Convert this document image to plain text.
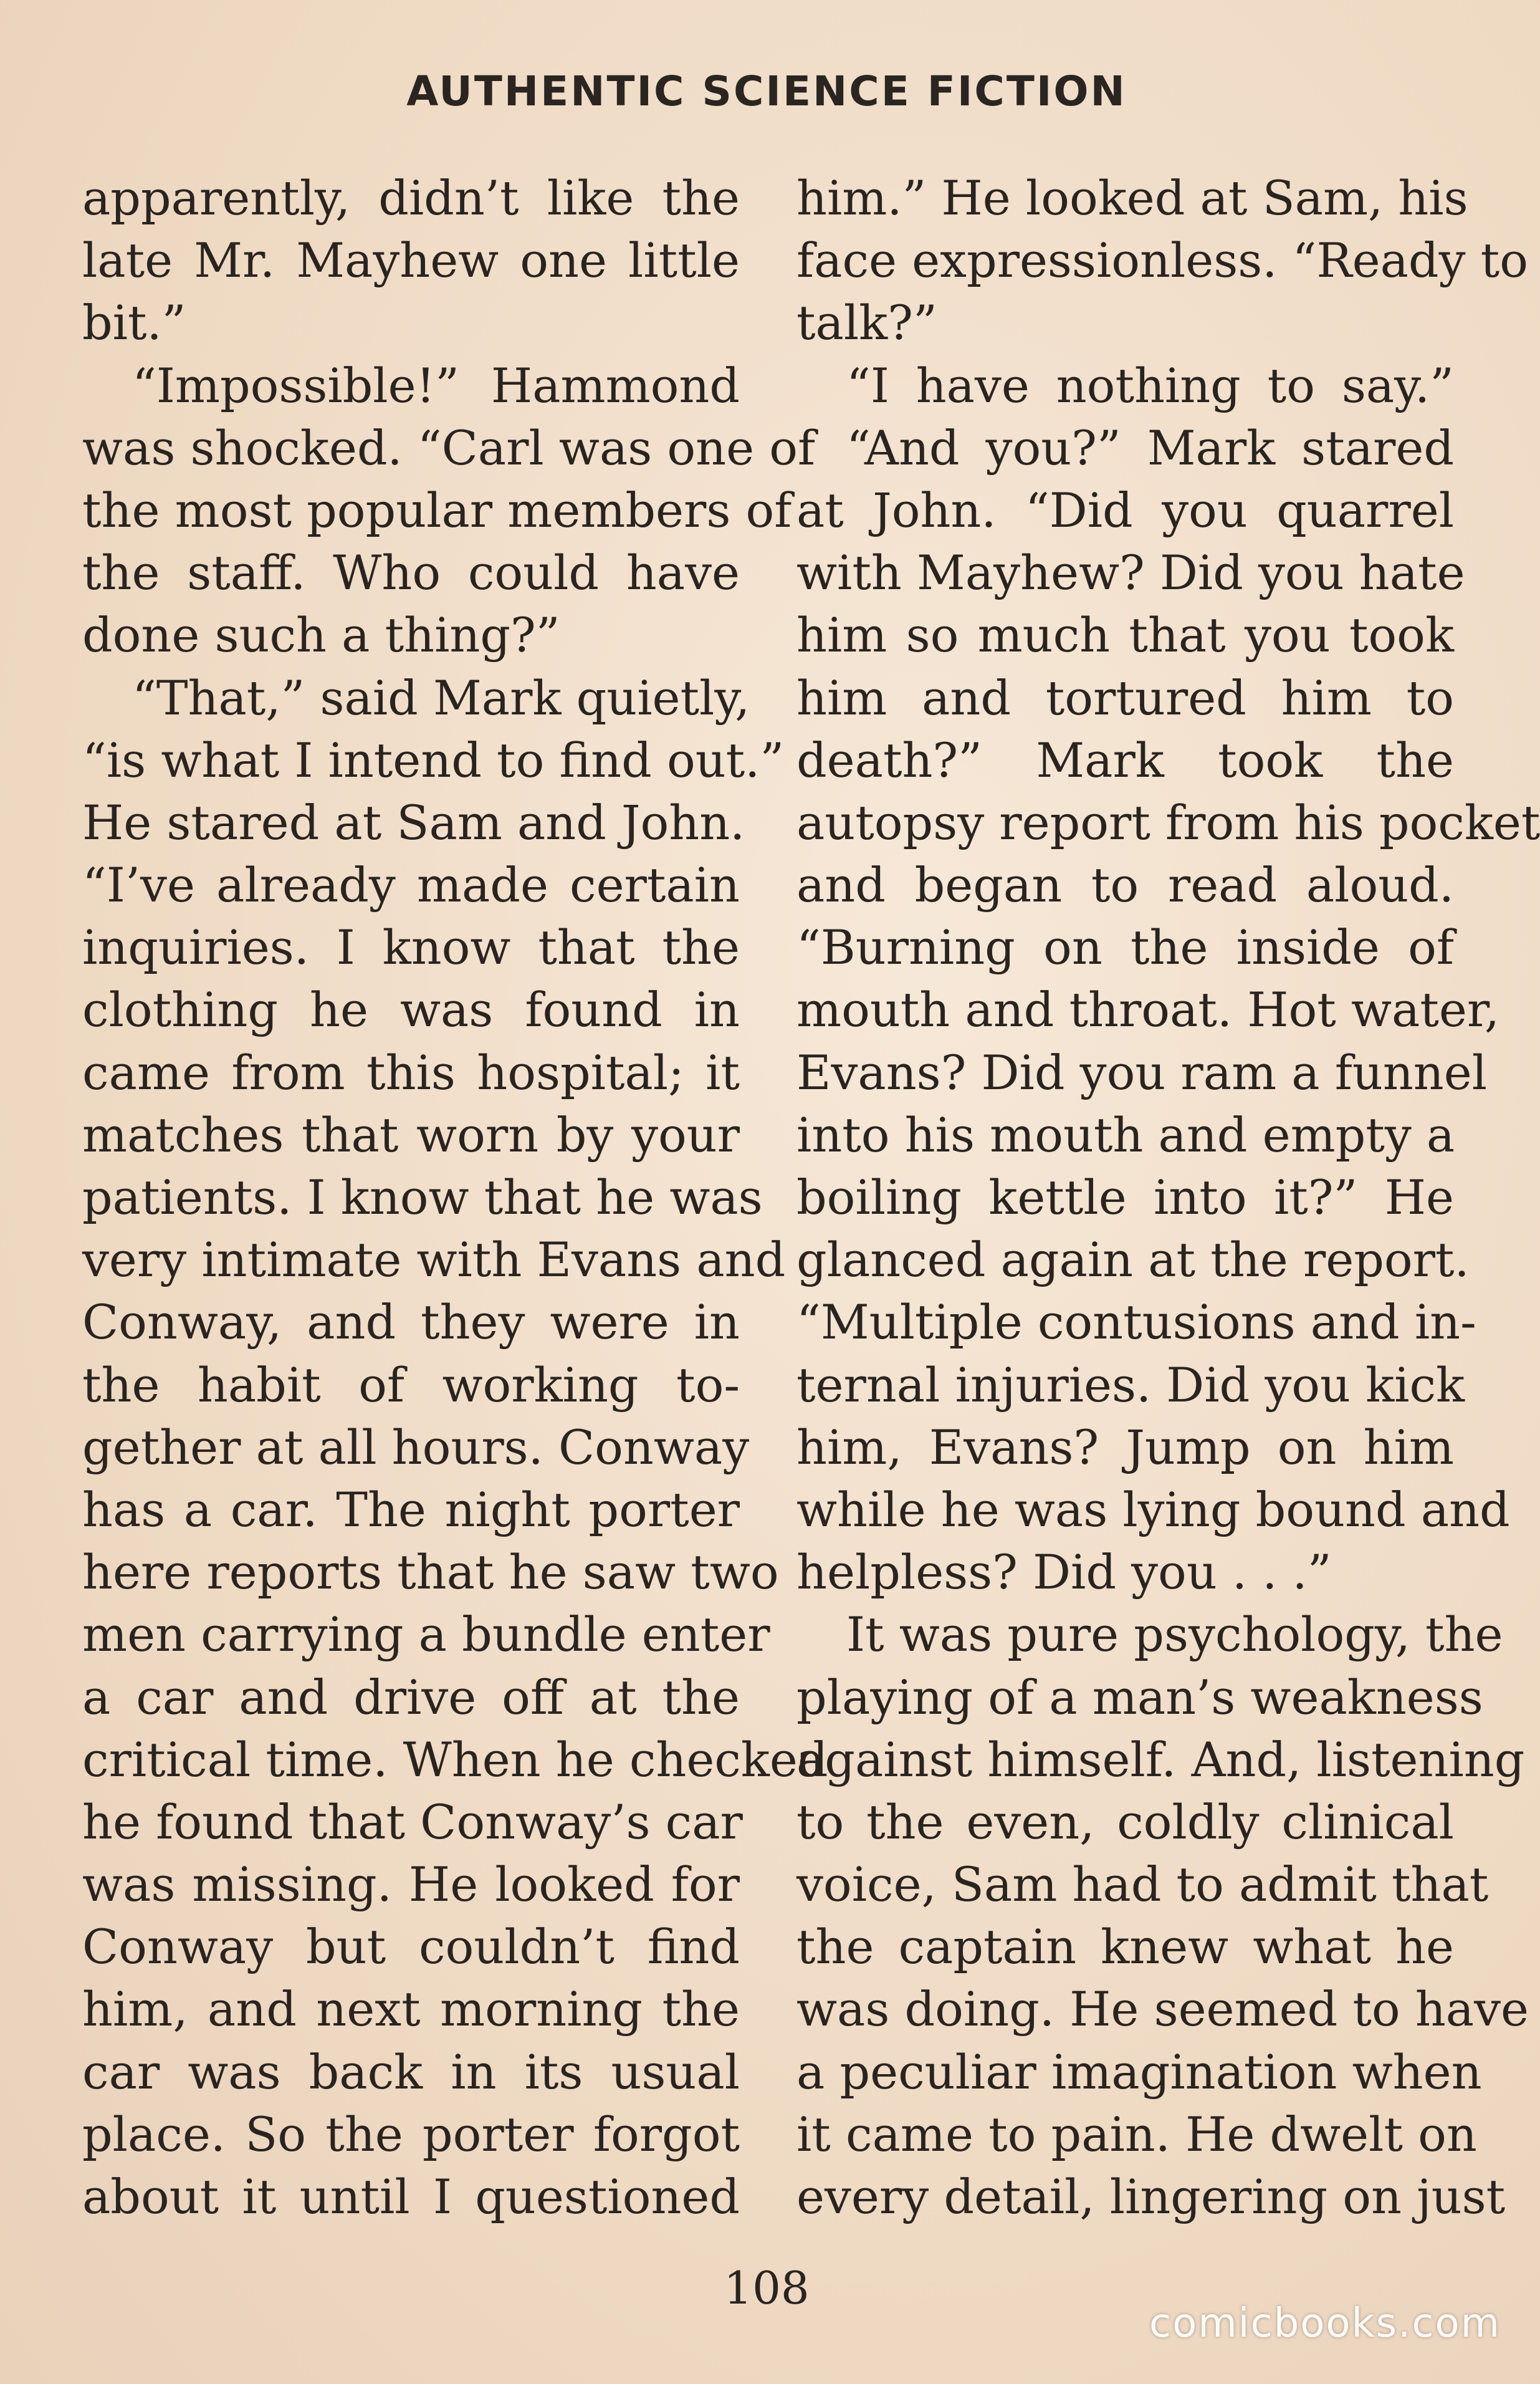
AUTHENTIC SCIENCE FICTION
apparently, didn’t like the
late Mr. Mayhew one little
bit.”
“Impossible!” Hammond
was shocked. “Carl was one of
the most popular members of
the staff. Who could have
done such a thing?”
“That,” said Mark quietly,
“is what I intend to find out.”
He stared at Sam and John.
“I’ve already made certain
inquiries. I know that the
clothing he was found in
came from this hospital; it
matches that worn by your
patients. I know that he was
very intimate with Evans and
Conway, and they were in
the habit of working to-
gether at all hours. Conway
has a car. The night porter
here reports that he saw two
men carrying a bundle enter
a car and drive off at the
critical time. When he checked
he found that Conway’s car
was missing. He looked for
Conway but couldn’t find
him, and next morning the
car was back in its usual
place. So the porter forgot
about it until I questioned
him.” He looked at Sam, his
face expressionless. “Ready to
talk?”
“I have nothing to say.”
“And you?” Mark stared
at John. “Did you quarrel
with Mayhew? Did you hate
him so much that you took
him and tortured him to
death?” Mark took the
autopsy report from his pocket
and began to read aloud.
“Burning on the inside of
mouth and throat. Hot water,
Evans? Did you ram a funnel
into his mouth and empty a
boiling kettle into it?” He
glanced again at the report.
“Multiple contusions and in-
ternal injuries. Did you kick
him, Evans? Jump on him
while he was lying bound and
helpless? Did you . . .”
It was pure psychology, the
playing of a man’s weakness
against himself. And, listening
to the even, coldly clinical
voice, Sam had to admit that
the captain knew what he
was doing. He seemed to have
a peculiar imagination when
it came to pain. He dwelt on
every detail, lingering on just
108
comicbooks.com
